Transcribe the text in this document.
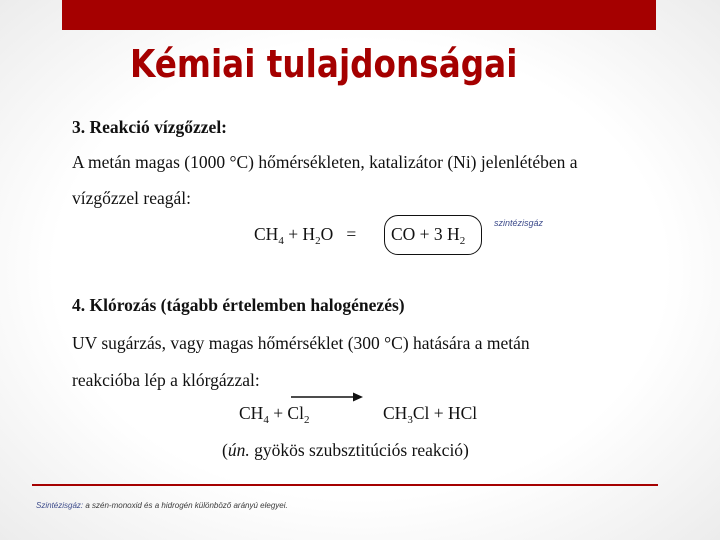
Kémiai tulajdonságai
3. Reakció vízgőzzel:
A metán magas (1000 °C) hőmérsékleten, katalizátor (Ni) jelenlétében a
vízgőzzel reagál:
$CH_4 + H_2O$   = CO + 3 $H_2$
szintézisgáz
4. Klórozás (tágabb értelemben halogénezés)
UV sugárzás, vagy magas hőmérséklet (300 °C) hatására a metán
reakcióba lép a klórgázzal:
$CH_4 + Cl_2$	$CH_3Cl$ + HCl
(ún. gyökös szubsztitúciós reakció)
Szintézisgáz: a szén-monoxid és a hidrogén különböző arányú elegyei.
